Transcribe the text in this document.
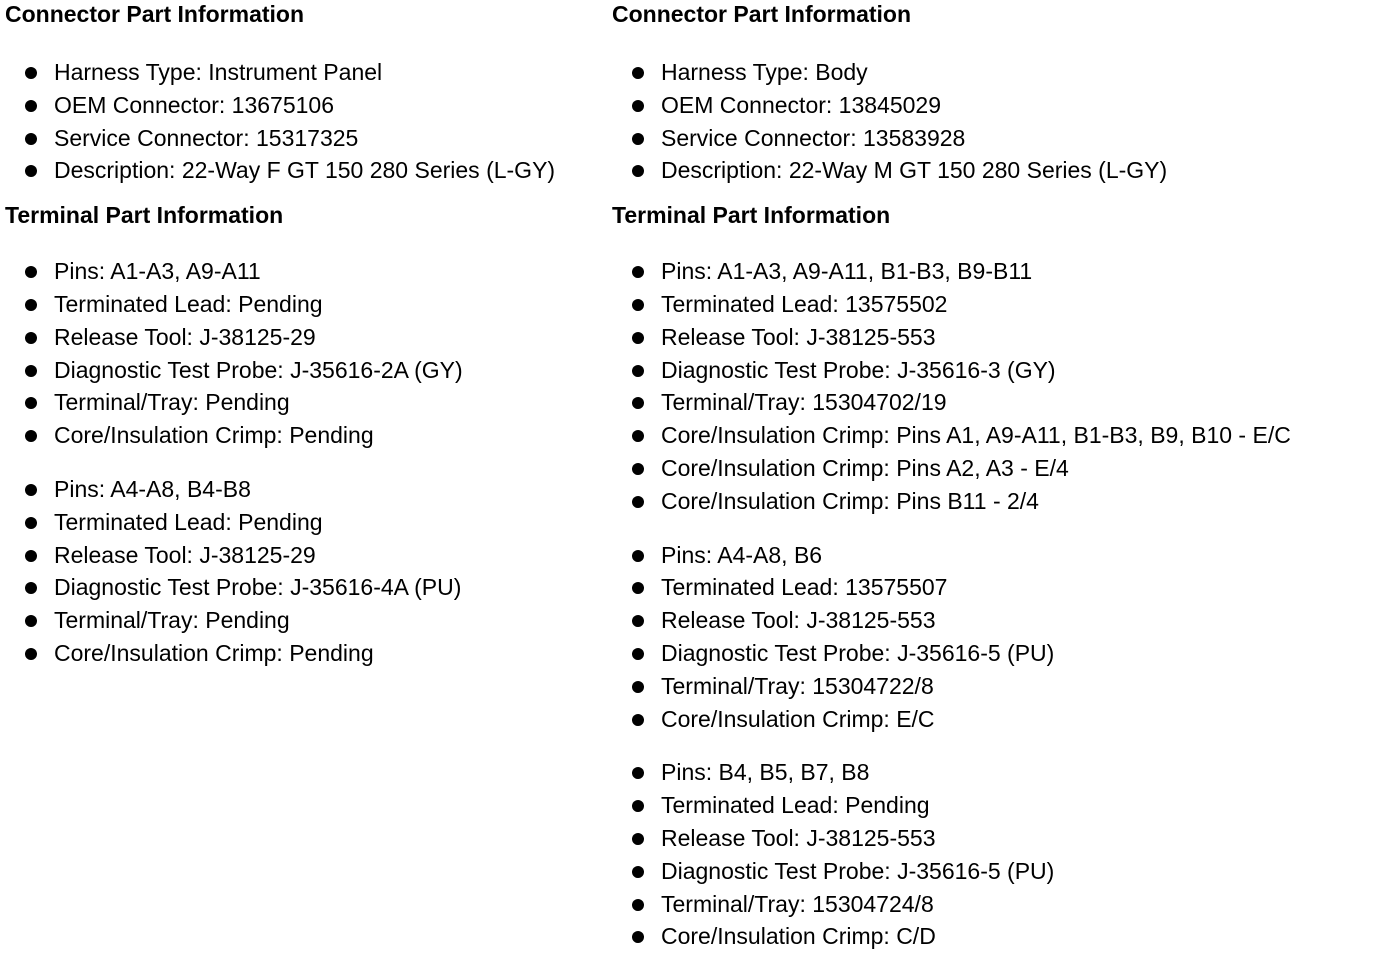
Connector Part Information
Harness Type: Instrument Panel
OEM Connector: 13675106
Service Connector: 15317325
Description: 22-Way F GT 150 280 Series (L-GY)
Terminal Part Information
Pins: A1-A3, A9-A11
Terminated Lead: Pending
Release Tool: J-38125-29
Diagnostic Test Probe: J-35616-2A (GY)
Terminal/Tray: Pending
Core/Insulation Crimp: Pending
Pins: A4-A8, B4-B8
Terminated Lead: Pending
Release Tool: J-38125-29
Diagnostic Test Probe: J-35616-4A (PU)
Terminal/Tray: Pending
Core/Insulation Crimp: Pending
Connector Part Information
Harness Type: Body
OEM Connector: 13845029
Service Connector: 13583928
Description: 22-Way M GT 150 280 Series (L-GY)
Terminal Part Information
Pins: A1-A3, A9-A11, B1-B3, B9-B11
Terminated Lead: 13575502
Release Tool: J-38125-553
Diagnostic Test Probe: J-35616-3 (GY)
Terminal/Tray: 15304702/19
Core/Insulation Crimp: Pins A1, A9-A11, B1-B3, B9, B10 - E/C
Core/Insulation Crimp: Pins A2, A3 - E/4
Core/Insulation Crimp: Pins B11 - 2/4
Pins: A4-A8, B6
Terminated Lead: 13575507
Release Tool: J-38125-553
Diagnostic Test Probe: J-35616-5 (PU)
Terminal/Tray: 15304722/8
Core/Insulation Crimp: E/C
Pins: B4, B5, B7, B8
Terminated Lead: Pending
Release Tool: J-38125-553
Diagnostic Test Probe: J-35616-5 (PU)
Terminal/Tray: 15304724/8
Core/Insulation Crimp: C/D
